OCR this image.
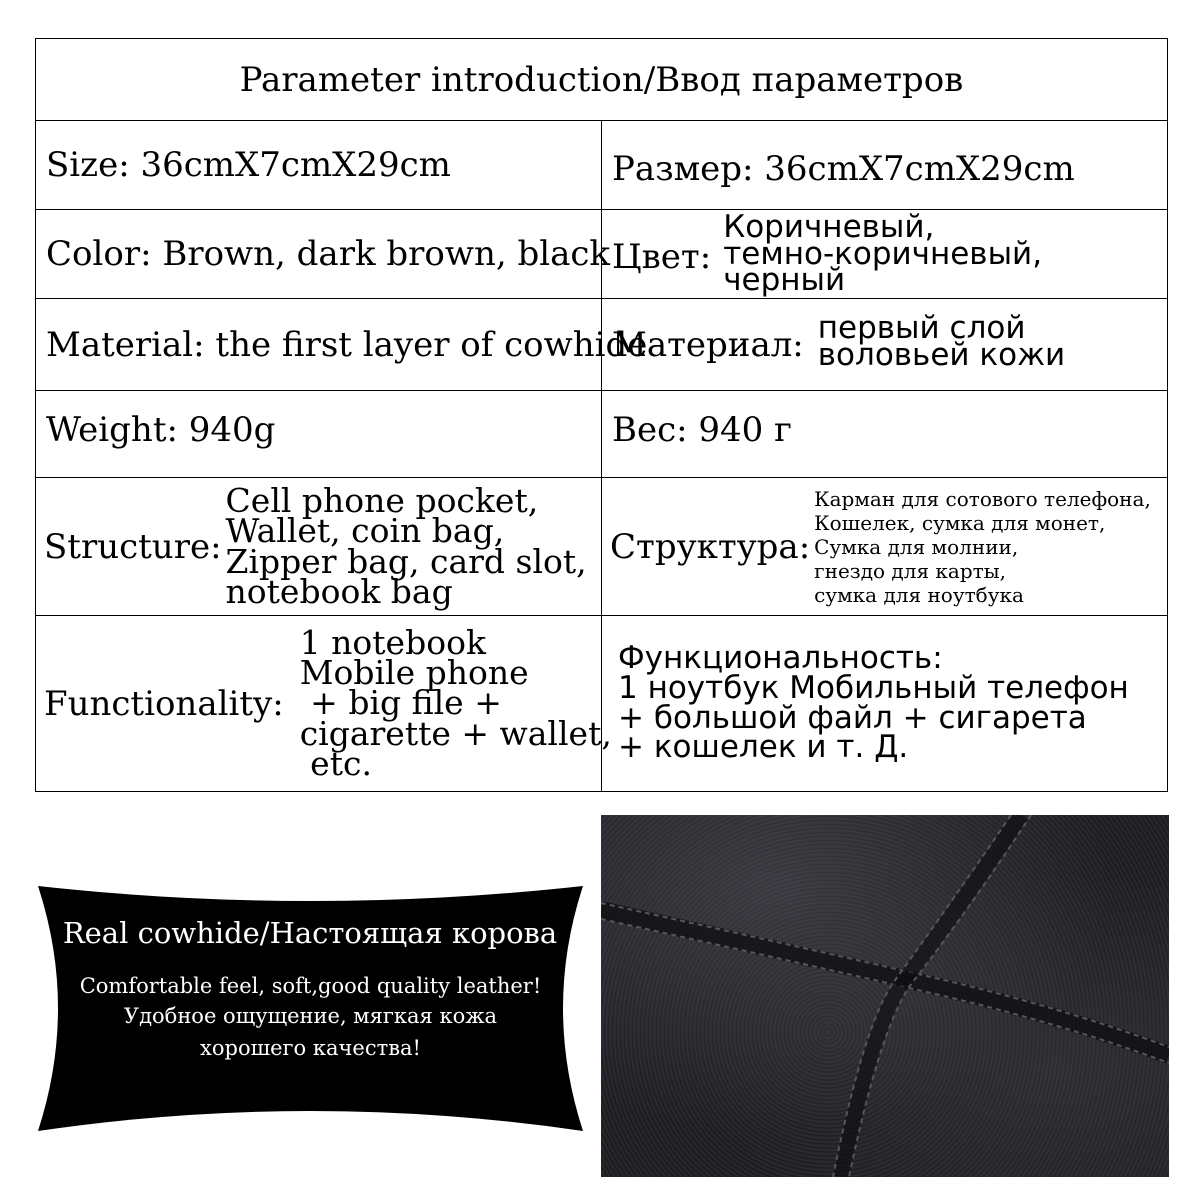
Parameter introduction/Ввод параметров
Size: 36cmX7cmX29cm	Размер: 36cmX7cmX29cm
Color: Brown, dark brown, black Цвет:
Коричневый,
темно-коричневый,
черный
Material: the first layer of cowhide
Материал: первый слой
воловьей кожи
Weight: 940g	Вес: 940 г
Structure:
Cell phone pocket,
Wallet, coin bag,
Zipper bag, card slot,
notebook bag
Структура:
Карман для сотового телефона,
Кошелек, сумка для монет,
Сумка для молнии,
гнездо для карты,
сумка для ноутбука
Functionality:
1 notebook
Mobile phone
+ big file +
cigarette + wallet,
etc.
Функциональность:
1 ноутбук Мобильный телефон
+ большой файл + сигарета
+ кошелек и т. Д.
Real cowhide/Настоящая корова
Comfortable feel, soft,good quality leather!
Удобное ощущение, мягкая кожа
хорошего качества!
